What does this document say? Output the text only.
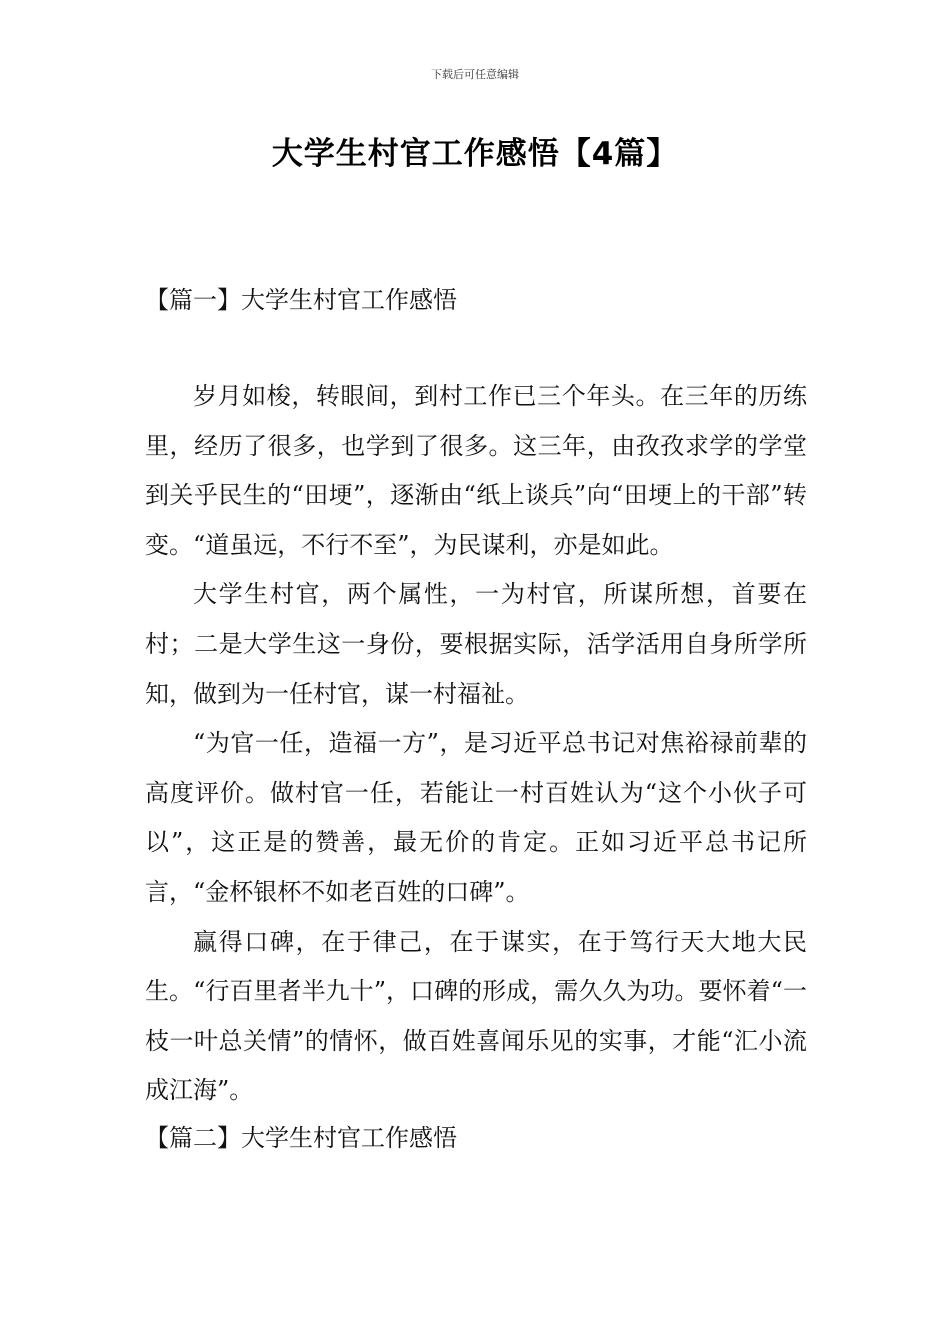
下载后可任意编辑
大学生村官工作感悟【4篇】
【篇一】大学生村官工作感悟

岁月如梭，转眼间，到村工作已三个年头。在三年的历练里，经历了很多，也学到了很多。这三年，由孜孜求学的学堂到关乎民生的“田埂”，逐渐由“纸上谈兵”向“田埂上的干部”转变。“道虽远，不行不至”，为民谋利，亦是如此。

大学生村官，两个属性，一为村官，所谋所想，首要在村；二是大学生这一身份，要根据实际，活学活用自身所学所知，做到为一任村官，谋一村福祉。

“为官一任，造福一方”，是习近平总书记对焦裕禄前辈的高度评价。做村官一任，若能让一村百姓认为“这个小伙子可以”，这正是的赞善，最无价的肯定。正如习近平总书记所言，“金杯银杯不如老百姓的口碑”。

赢得口碑，在于律己，在于谋实，在于笃行天大地大民生。“行百里者半九十”，口碑的形成，需久久为功。要怀着“一枝一叶总关情”的情怀，做百姓喜闻乐见的实事，才能“汇小流成江海”。

【篇二】大学生村官工作感悟
